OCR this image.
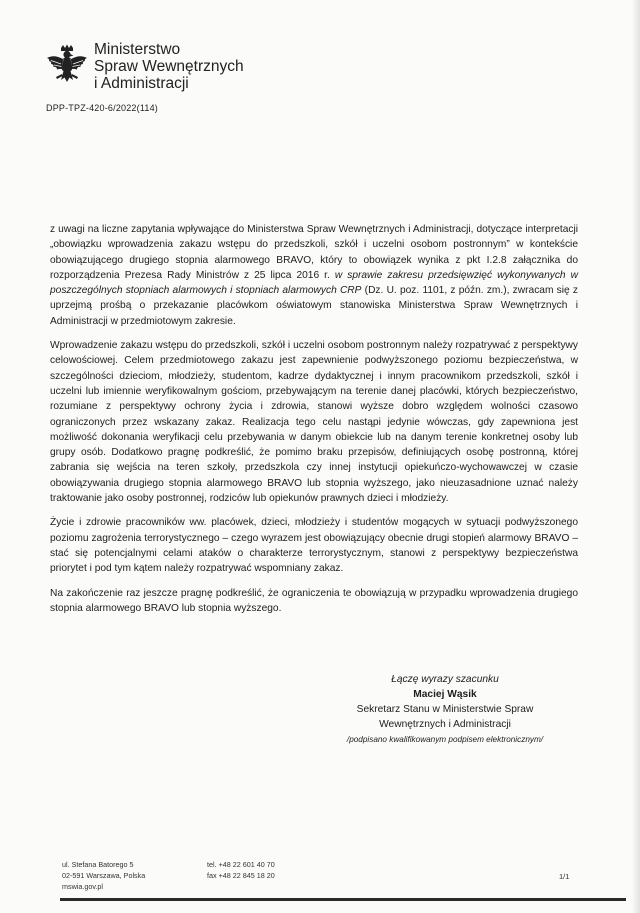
Ministerstwo
Spraw Wewnętrznych
i Administracji
DPP-TPZ-420-6/2022(114)

z uwagi na liczne zapytania wpływające do Ministerstwa Spraw Wewnętrznych i Administracji, dotyczące interpretacji „obowiązku wprowadzenia zakazu wstępu do przedszkoli, szkół i uczelni osobom postronnym” w kontekście obowiązującego drugiego stopnia alarmowego BRAVO, który to obowiązek wynika z pkt I.2.8 załącznika do rozporządzenia Prezesa Rady Ministrów z 25 lipca 2016 r. w sprawie zakresu przedsięwzięć wykonywanych w poszczególnych stopniach alarmowych i stopniach alarmowych CRP (Dz. U. poz. 1101, z późn. zm.), zwracam się z uprzejmą prośbą o przekazanie placówkom oświatowym stanowiska Ministerstwa Spraw Wewnętrznych i Administracji w przedmiotowym zakresie.

Wprowadzenie zakazu wstępu do przedszkoli, szkół i uczelni osobom postronnym należy rozpatrywać z perspektywy celowościowej. Celem przedmiotowego zakazu jest zapewnienie podwyższonego poziomu bezpieczeństwa, w szczególności dzieciom, młodzieży, studentom, kadrze dydaktycznej i innym pracownikom przedszkoli, szkół i uczelni lub imiennie weryfikowalnym gościom, przebywającym na terenie danej placówki, których bezpieczeństwo, rozumiane z perspektywy ochrony życia i zdrowia, stanowi wyższe dobro względem wolności czasowo ograniczonych przez wskazany zakaz. Realizacja tego celu nastąpi jedynie wówczas, gdy zapewniona jest możliwość dokonania weryfikacji celu przebywania w danym obiekcie lub na danym terenie konkretnej osoby lub grupy osób. Dodatkowo pragnę podkreślić, że pomimo braku przepisów, definiujących osobę postronną, której zabrania się wejścia na teren szkoły, przedszkola czy innej instytucji opiekuńczo-wychowawczej w czasie obowiązywania drugiego stopnia alarmowego BRAVO lub stopnia wyższego, jako nieuzasadnione uznać należy traktowanie jako osoby postronnej, rodziców lub opiekunów prawnych dzieci i młodzieży.

Życie i zdrowie pracowników ww. placówek, dzieci, młodzieży i studentów mogących w sytuacji podwyższonego poziomu zagrożenia terrorystycznego – czego wyrazem jest obowiązujący obecnie drugi stopień alarmowy BRAVO – stać się potencjalnymi celami ataków o charakterze terrorystycznym, stanowi z perspektywy bezpieczeństwa priorytet i pod tym kątem należy rozpatrywać wspomniany zakaz.

Na zakończenie raz jeszcze pragnę podkreślić, że ograniczenia te obowiązują w przypadku wprowadzenia drugiego stopnia alarmowego BRAVO lub stopnia wyższego.

Łączę wyrazy szacunku
Maciej Wąsik
Sekretarz Stanu w Ministerstwie Spraw
Wewnętrznych i Administracji
/podpisano kwalifikowanym podpisem elektronicznym/
ul. Stefana Batorego 5
02-591 Warszawa, Polska
mswia.gov.pl
tel. +48 22 601 40 70
fax +48 22 845 18 20	1/1
